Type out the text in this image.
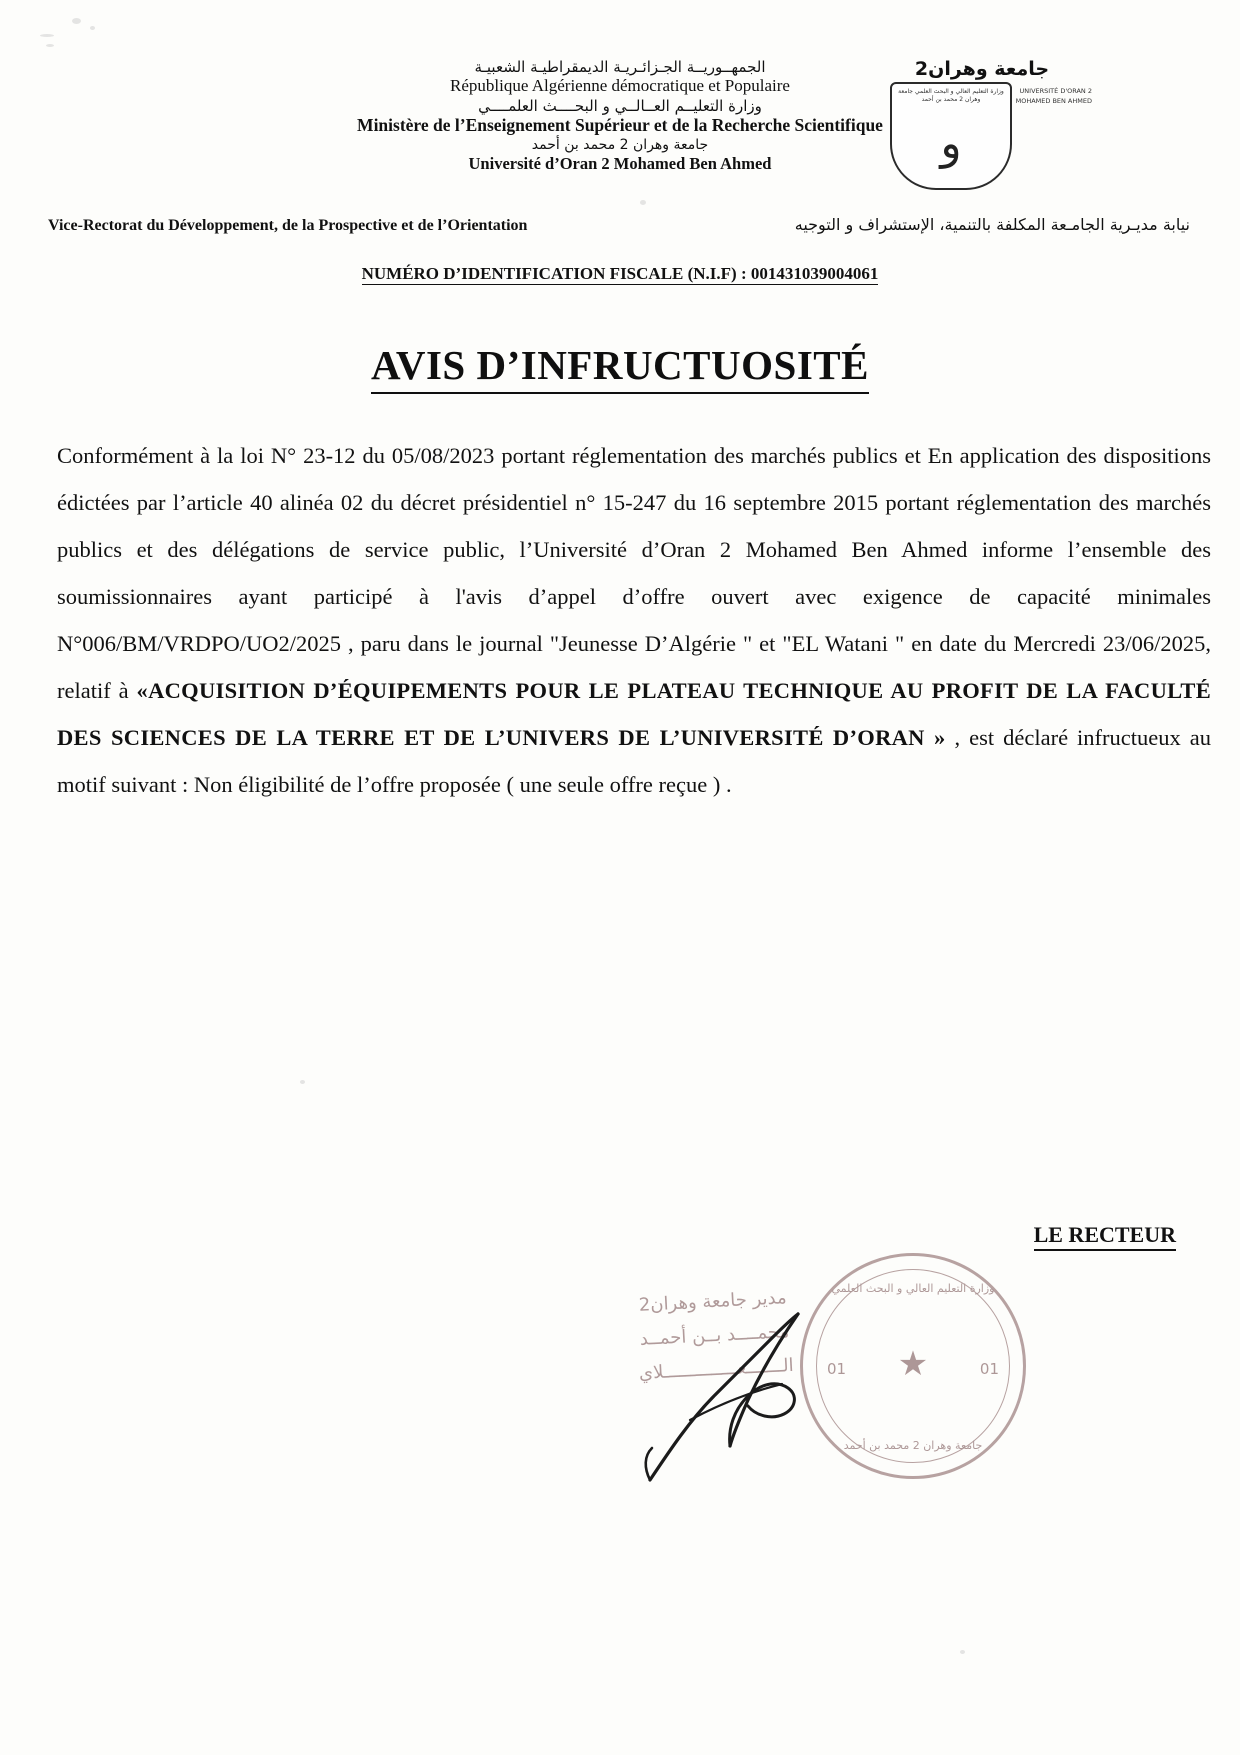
الجمهــوريــة الجـزائـريـة الديمقراطيـة الشعبيـة
République Algérienne démocratique et Populaire
وزارة التعليــم العــالــي و البحــــث العلمــــي
Ministère de l’Enseignement Supérieur et de la Recherche Scientifique
جامعة وهران 2 محمد بن أحمد
Université d’Oran 2 Mohamed Ben Ahmed
جامعة وهران2
وزارة التعليم العالي و البحث العلمي جامعة وهران 2 محمد بن أحمد
و
UNIVERSITÉ D'ORAN 2 MOHAMED BEN AHMED
Vice-Rectorat du Développement, de la Prospective et de l’Orientation	نيابة مديـرية الجامـعة المكلفة بالتنمية، الإستشراف و التوجيه
NUMÉRO D’IDENTIFICATION FISCALE (N.I.F) : 001431039004061
AVIS D’INFRUCTUOSITÉ

Conformément à la loi N° 23-12 du 05/08/2023 portant réglementation des marchés publics et En application des dispositions édictées par l’article 40 alinéa 02 du décret présidentiel n° 15-247 du 16 septembre 2015 portant réglementation des marchés publics et des délégations de service public, l’Université d’Oran 2 Mohamed Ben Ahmed informe l’ensemble des soumissionnaires ayant participé à l'avis d’appel d’offre ouvert avec exigence de capacité minimales N°006/BM/VRDPO/UO2/2025 , paru dans le journal "Jeunesse D’Algérie " et "EL Watani " en date du Mercredi 23/06/2025, relatif à «ACQUISITION D’ÉQUIPEMENTS POUR LE PLATEAU TECHNIQUE AU PROFIT DE LA FACULTÉ DES SCIENCES DE LA TERRE ET DE L’UNIVERS DE L’UNIVERSITÉ D’ORAN » , est déclaré infructueux au motif suivant : Non éligibilité de l’offre proposée ( une seule offre reçue ) .

LE RECTEUR
وزارة التعليم العالي و البحث العلمي
★
01	01
جامعة وهران 2 محمد بن أحمد
مدير جامعة وهران2
محمــــد بــن أحمــد
الـــــــعــــــــــــــلاي
